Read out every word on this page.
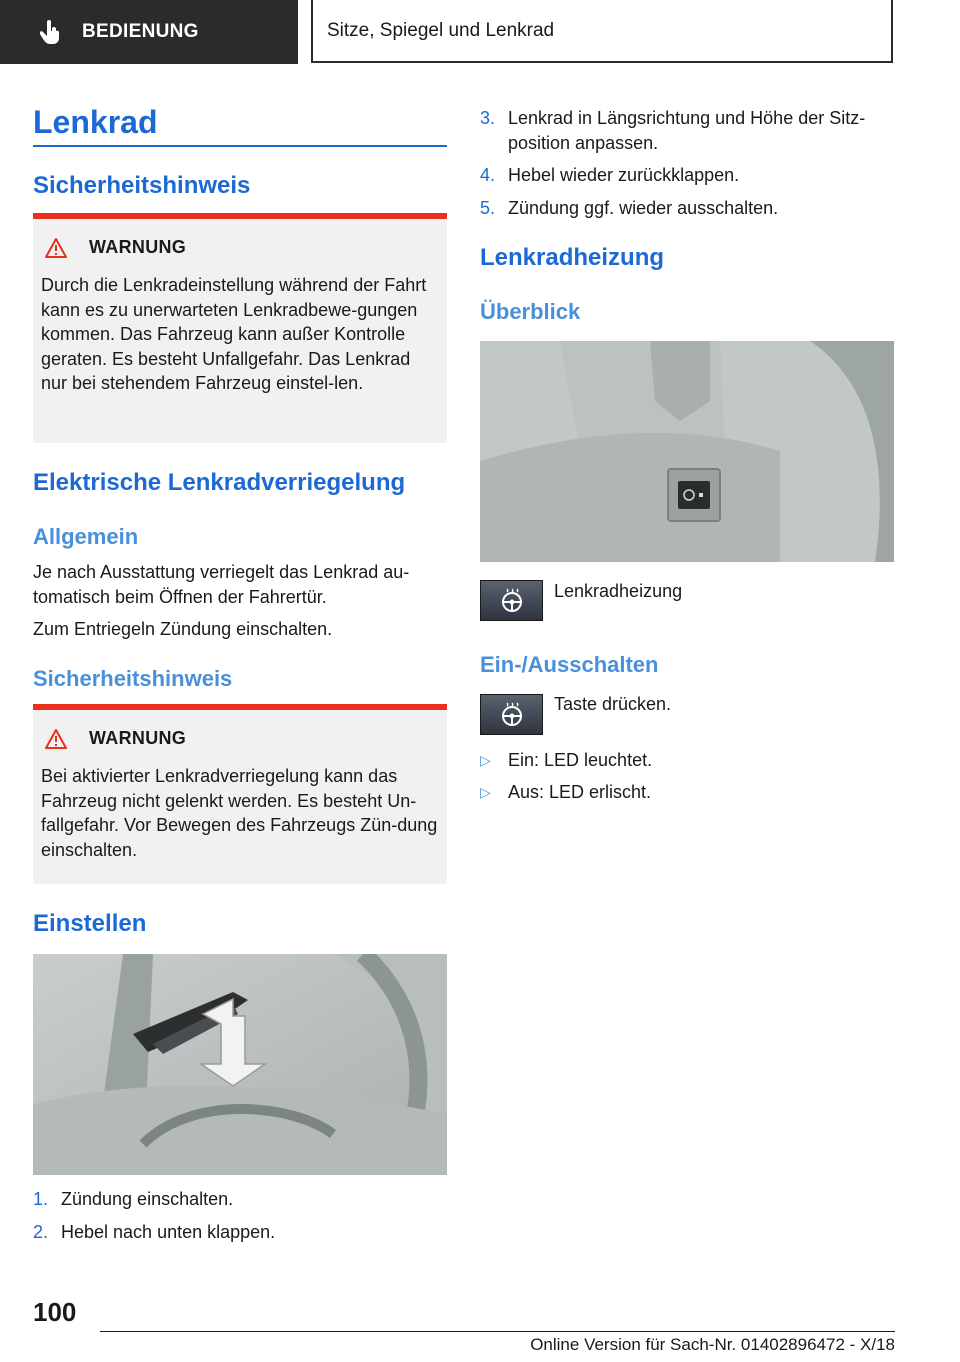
BEDIENUNG	Sitze, Spiegel und Lenkrad
Lenkrad
Sicherheitshinweis
WARNUNG
Durch die Lenkradeinstellung während der Fahrt kann es zu unerwarteten Lenkradbewe-gungen kommen. Das Fahrzeug kann außer Kontrolle geraten. Es besteht Unfallgefahr. Das Lenkrad nur bei stehendem Fahrzeug einstel-len.
Elektrische Lenkradverriegelung
Allgemein
Je nach Ausstattung verriegelt das Lenkrad au-tomatisch beim Öffnen der Fahrertür.
Zum Entriegeln Zündung einschalten.
Sicherheitshinweis
WARNUNG
Bei aktivierter Lenkradverriegelung kann das Fahrzeug nicht gelenkt werden. Es besteht Un-fallgefahr. Vor Bewegen des Fahrzeugs Zün-dung einschalten.
Einstellen
1. Zündung einschalten.
2. Hebel nach unten klappen.
3. Lenkrad in Längsrichtung und Höhe der Sitz-position anpassen.
4. Hebel wieder zurückklappen.
5. Zündung ggf. wieder ausschalten.
Lenkradheizung
Überblick
Lenkradheizung
Ein-/Ausschalten
Taste drücken.
▷ Ein: LED leuchtet.
▷ Aus: LED erlischt.
100
Online Version für Sach-Nr. 01402896472 - X/18
